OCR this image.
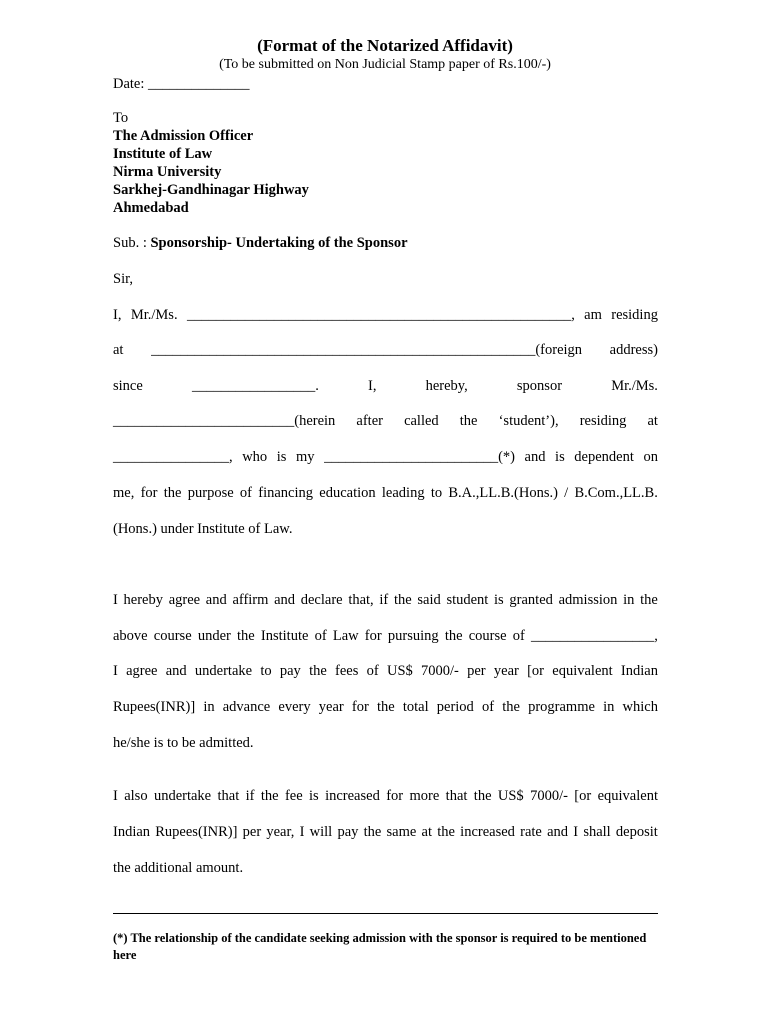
(Format of the Notarized Affidavit)
(To be submitted on Non Judicial Stamp paper of Rs.100/-)
Date: ______________
To
The Admission Officer
Institute of Law
Nirma University
Sarkhej-Gandhinagar Highway
Ahmedabad
Sub. : Sponsorship- Undertaking of the Sponsor
Sir,
I, Mr./Ms. _____________________________________________________, am residing
at _____________________________________________________(foreign address)
since	_________________.	I,	hereby,	sponsor	Mr./Ms.
_________________________(herein after called the ‘student’), residing at
________________, who is my ________________________(*) and is dependent on
me, for the purpose of financing education leading to B.A.,LL.B.(Hons.) / B.Com.,LL.B.
(Hons.) under Institute of Law.
I hereby agree and affirm and declare that, if the said student is granted admission in the
above course under the Institute of Law for pursuing the course of _________________,
I agree and undertake to pay the fees of US$ 7000/- per year [or equivalent Indian
Rupees(INR)] in advance every year for the total period of the programme in which
he/she is to be admitted.
I also undertake that if the fee is increased for more that the US$ 7000/- [or equivalent
Indian Rupees(INR)] per year, I will pay the same at the increased rate and I shall deposit
the additional amount.
(*) The relationship of the candidate seeking admission with the sponsor is required to be mentioned here
